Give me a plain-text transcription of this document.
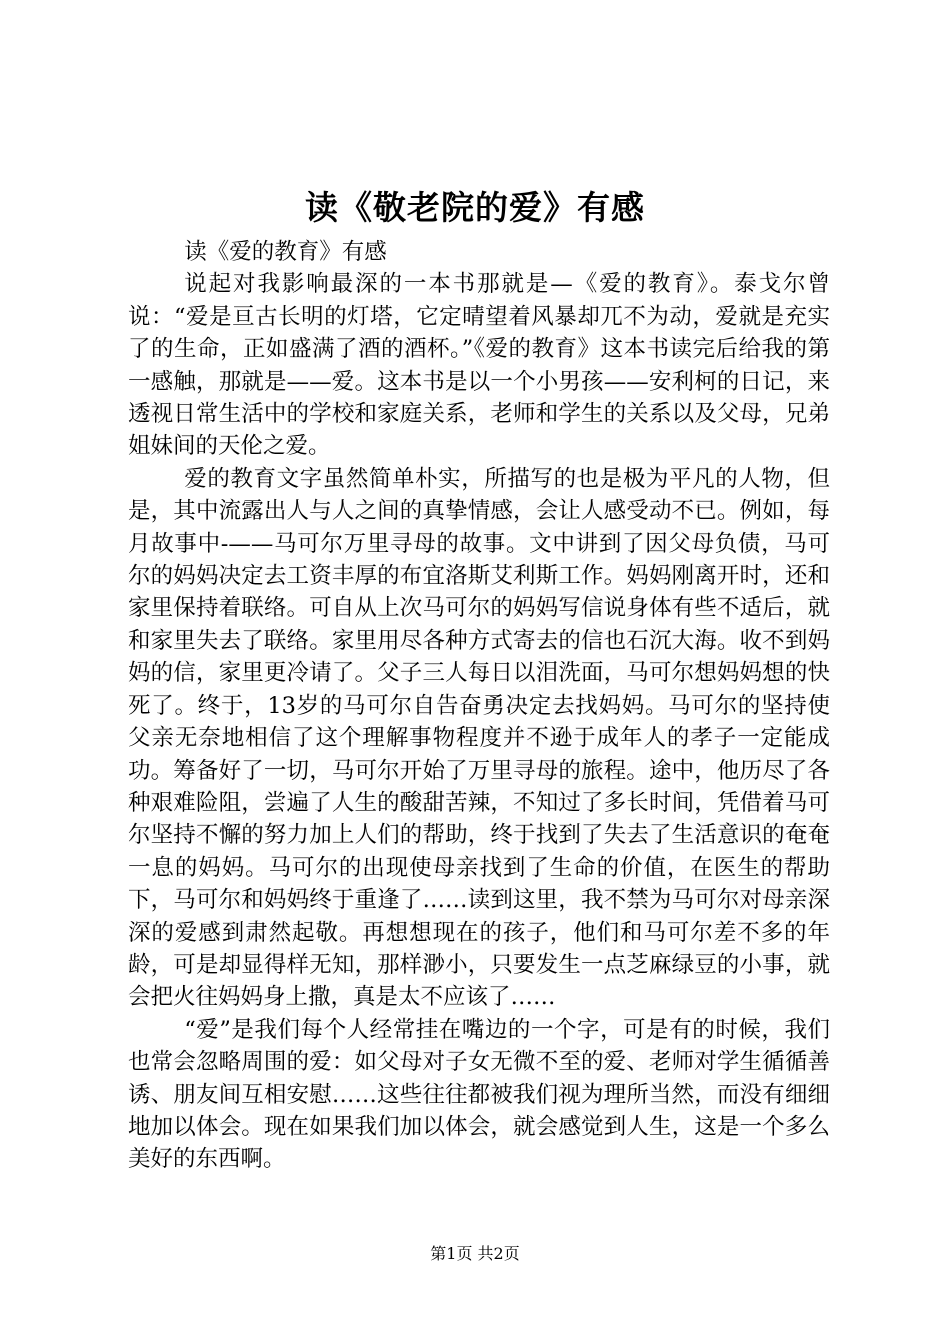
读《敬老院的爱》有感

读《爱的教育》有感

说起对我影响最深的一本书那就是—《爱的教育》。泰戈尔曾说：“爱是亘古长明的灯塔，它定晴望着风暴却兀不为动，爱就是充实了的生命，正如盛满了酒的酒杯。”《爱的教育》这本书读完后给我的第一感触，那就是——爱。这本书是以一个小男孩——安利柯的日记，来透视日常生活中的学校和家庭关系，老师和学生的关系以及父母，兄弟姐妹间的天伦之爱。

爱的教育文字虽然简单朴实，所描写的也是极为平凡的人物，但是，其中流露出人与人之间的真挚情感，会让人感受动不已。例如，每月故事中-——马可尔万里寻母的故事。文中讲到了因父母负债，马可尔的妈妈决定去工资丰厚的布宜洛斯艾利斯工作。妈妈刚离开时，还和家里保持着联络。可自从上次马可尔的妈妈写信说身体有些不适后，就和家里失去了联络。家里用尽各种方式寄去的信也石沉大海。收不到妈妈的信，家里更冷请了。父子三人每日以泪洗面，马可尔想妈妈想的快死了。终于，13岁的马可尔自告奋勇决定去找妈妈。马可尔的坚持使父亲无奈地相信了这个理解事物程度并不逊于成年人的孝子一定能成功。筹备好了一切，马可尔开始了万里寻母的旅程。途中，他历尽了各种艰难险阻，尝遍了人生的酸甜苦辣，不知过了多长时间，凭借着马可尔坚持不懈的努力加上人们的帮助，终于找到了失去了生活意识的奄奄一息的妈妈。马可尔的出现使母亲找到了生命的价值，在医生的帮助下，马可尔和妈妈终于重逢了……读到这里，我不禁为马可尔对母亲深深的爱感到肃然起敬。再想想现在的孩子，他们和马可尔差不多的年龄，可是却显得样无知，那样渺小，只要发生一点芝麻绿豆的小事，就会把火往妈妈身上撒，真是太不应该了……

“爱”是我们每个人经常挂在嘴边的一个字，可是有的时候，我们也常会忽略周围的爱：如父母对子女无微不至的爱、老师对学生循循善诱、朋友间互相安慰……这些往往都被我们视为理所当然，而没有细细地加以体会。现在如果我们加以体会，就会感觉到人生，这是一个多么美好的东西啊。

第1页 共2页
